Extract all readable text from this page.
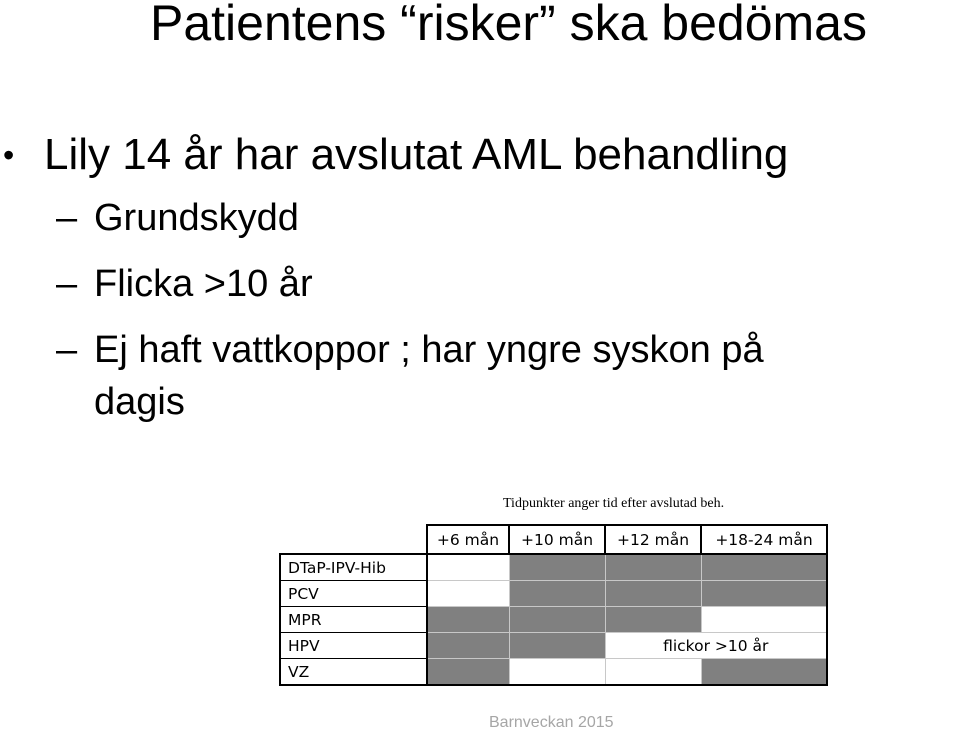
Patientens “risker” ska bedömas
• Lily 14 år har avslutat AML behandling
– Grundskydd
– Flicka >10 år
– Ej haft vattkoppor ; har yngre syskon på
dagis
Tidpunkter anger tid efter avslutad beh.
	+6 mån	+10 mån	+12 mån	+18-24 mån
DTaP-IPV-Hib				
PCV				
MPR				
HPV			flickor >10 år	
VZ				
Barnveckan 2015
